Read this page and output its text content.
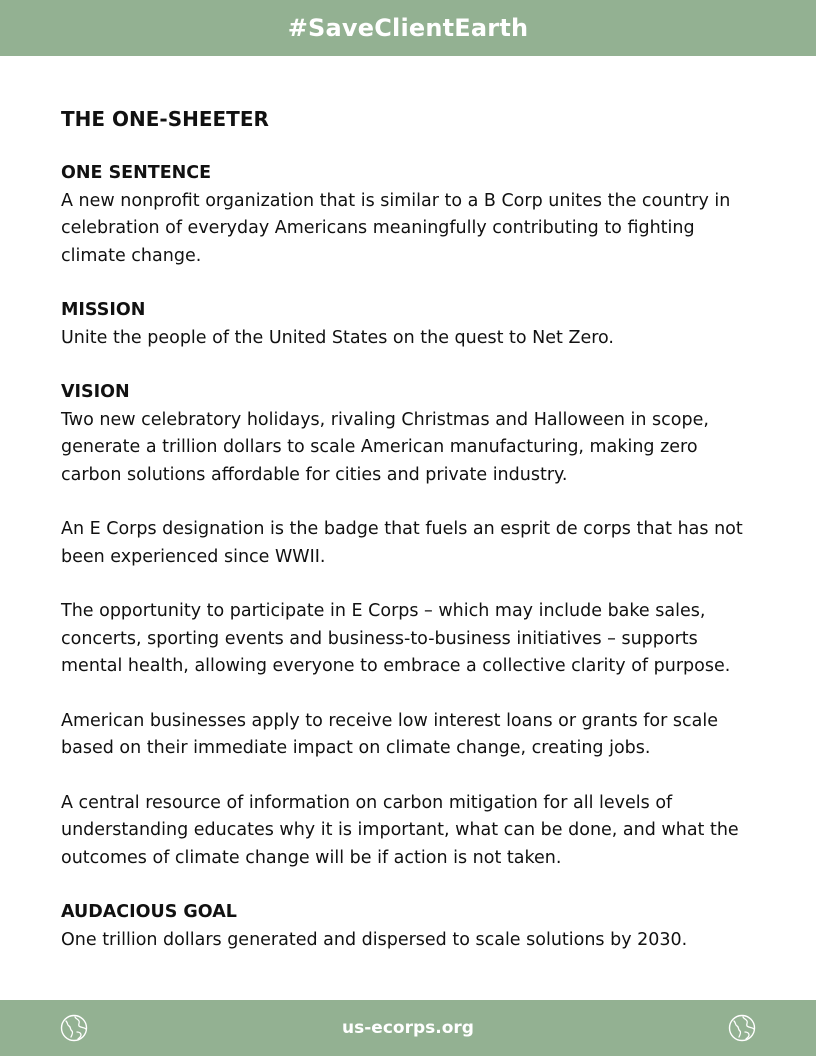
#SaveClientEarth
THE ONE-SHEETER
ONE SENTENCE

A new nonprofit organization that is similar to a B Corp unites the country in celebration of everyday Americans meaningfully contributing to fighting climate change.

MISSION

Unite the people of the United States on the quest to Net Zero.

VISION

Two new celebratory holidays, rivaling Christmas and Halloween in scope, generate a trillion dollars to scale American manufacturing, making zero carbon solutions affordable for cities and private industry.

An E Corps designation is the badge that fuels an esprit de corps that has not been experienced since WWII.

The opportunity to participate in E Corps – which may include bake sales, concerts, sporting events and business-to-business initiatives – supports mental health, allowing everyone to embrace a collective clarity of purpose.

American businesses apply to receive low interest loans or grants for scale based on their immediate impact on climate change, creating jobs.

A central resource of information on carbon mitigation for all levels of understanding educates why it is important, what can be done, and what the outcomes of climate change will be if action is not taken.

AUDACIOUS GOAL

One trillion dollars generated and dispersed to scale solutions by 2030.

us-ecorps.org
